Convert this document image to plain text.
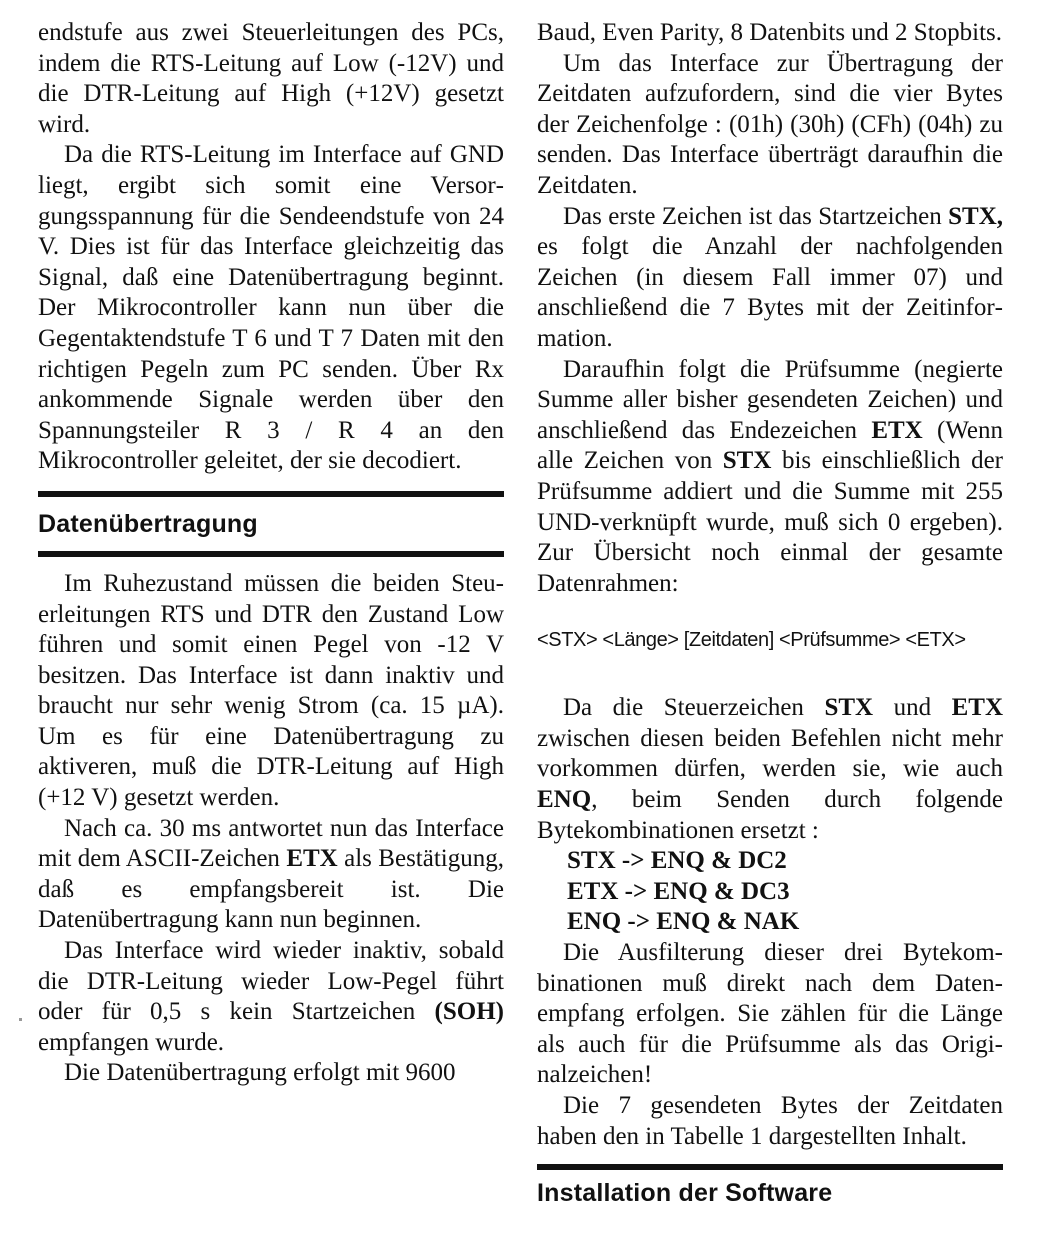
endstufe aus zwei Steuerleitungen des PCs, indem die RTS-Leitung auf Low (-12V) und die DTR-Leitung auf High (+12V) gesetzt wird.

Da die RTS-Leitung im Interface auf GND liegt, ergibt sich somit eine Versorgungsspannung für die Sendeendstufe von 24 V. Dies ist für das Interface gleichzeitig das Signal, daß eine Datenübertragung beginnt. Der Mikrocontroller kann nun über die Gegentaktendstufe T 6 und T 7 Daten mit den richtigen Pegeln zum PC senden. Über Rx ankommende Signale werden über den Spannungsteiler R 3 / R 4 an den Mikrocontroller geleitet, der sie decodiert.

Datenübertragung

Im Ruhezustand müssen die beiden Steuerleitungen RTS und DTR den Zustand Low führen und somit einen Pegel von -12 V besitzen. Das Interface ist dann inaktiv und braucht nur sehr wenig Strom (ca. 15 µA). Um es für eine Datenübertragung zu aktiveren, muß die DTR-Leitung auf High (+12 V) gesetzt werden.

Nach ca. 30 ms antwortet nun das Interface mit dem ASCII-Zeichen ETX als Bestätigung, daß es empfangsbereit ist. Die Datenübertragung kann nun beginnen.

Das Interface wird wieder inaktiv, sobald die DTR-Leitung wieder Low-Pegel führt oder für 0,5 s kein Startzeichen (SOH) empfangen wurde.

Die Datenübertragung erfolgt mit 9600

Baud, Even Parity, 8 Datenbits und 2 Stopbits.

Um das Interface zur Übertragung der Zeitdaten aufzufordern, sind die vier Bytes der Zeichenfolge : (01h) (30h) (CFh) (04h) zu senden. Das Interface überträgt daraufhin die Zeitdaten.

Das erste Zeichen ist das Startzeichen STX, es folgt die Anzahl der nachfolgenden Zeichen (in diesem Fall immer 07) und anschließend die 7 Bytes mit der Zeitinformation.

Daraufhin folgt die Prüfsumme (negierte Summe aller bisher gesendeten Zeichen) und anschließend das Endezeichen ETX (Wenn alle Zeichen von STX bis einschließlich der Prüfsumme addiert und die Summe mit 255 UND-verknüpft wurde, muß sich 0 ergeben). Zur Übersicht noch einmal der gesamte Datenrahmen:

<STX> <Länge> [Zeitdaten] <Prüfsumme> <ETX>

Da die Steuerzeichen STX und ETX zwischen diesen beiden Befehlen nicht mehr vorkommen dürfen, werden sie, wie auch ENQ, beim Senden durch folgende Bytekombinationen ersetzt :

STX -> ENQ & DC2
ETX -> ENQ & DC3
ENQ -> ENQ & NAK

Die Ausfilterung dieser drei Bytekombinationen muß direkt nach dem Datenempfang erfolgen. Sie zählen für die Länge als auch für die Prüfsumme als das Originalzeichen!

Die 7 gesendeten Bytes der Zeitdaten haben den in Tabelle 1 dargestellten Inhalt.

Installation der Software
